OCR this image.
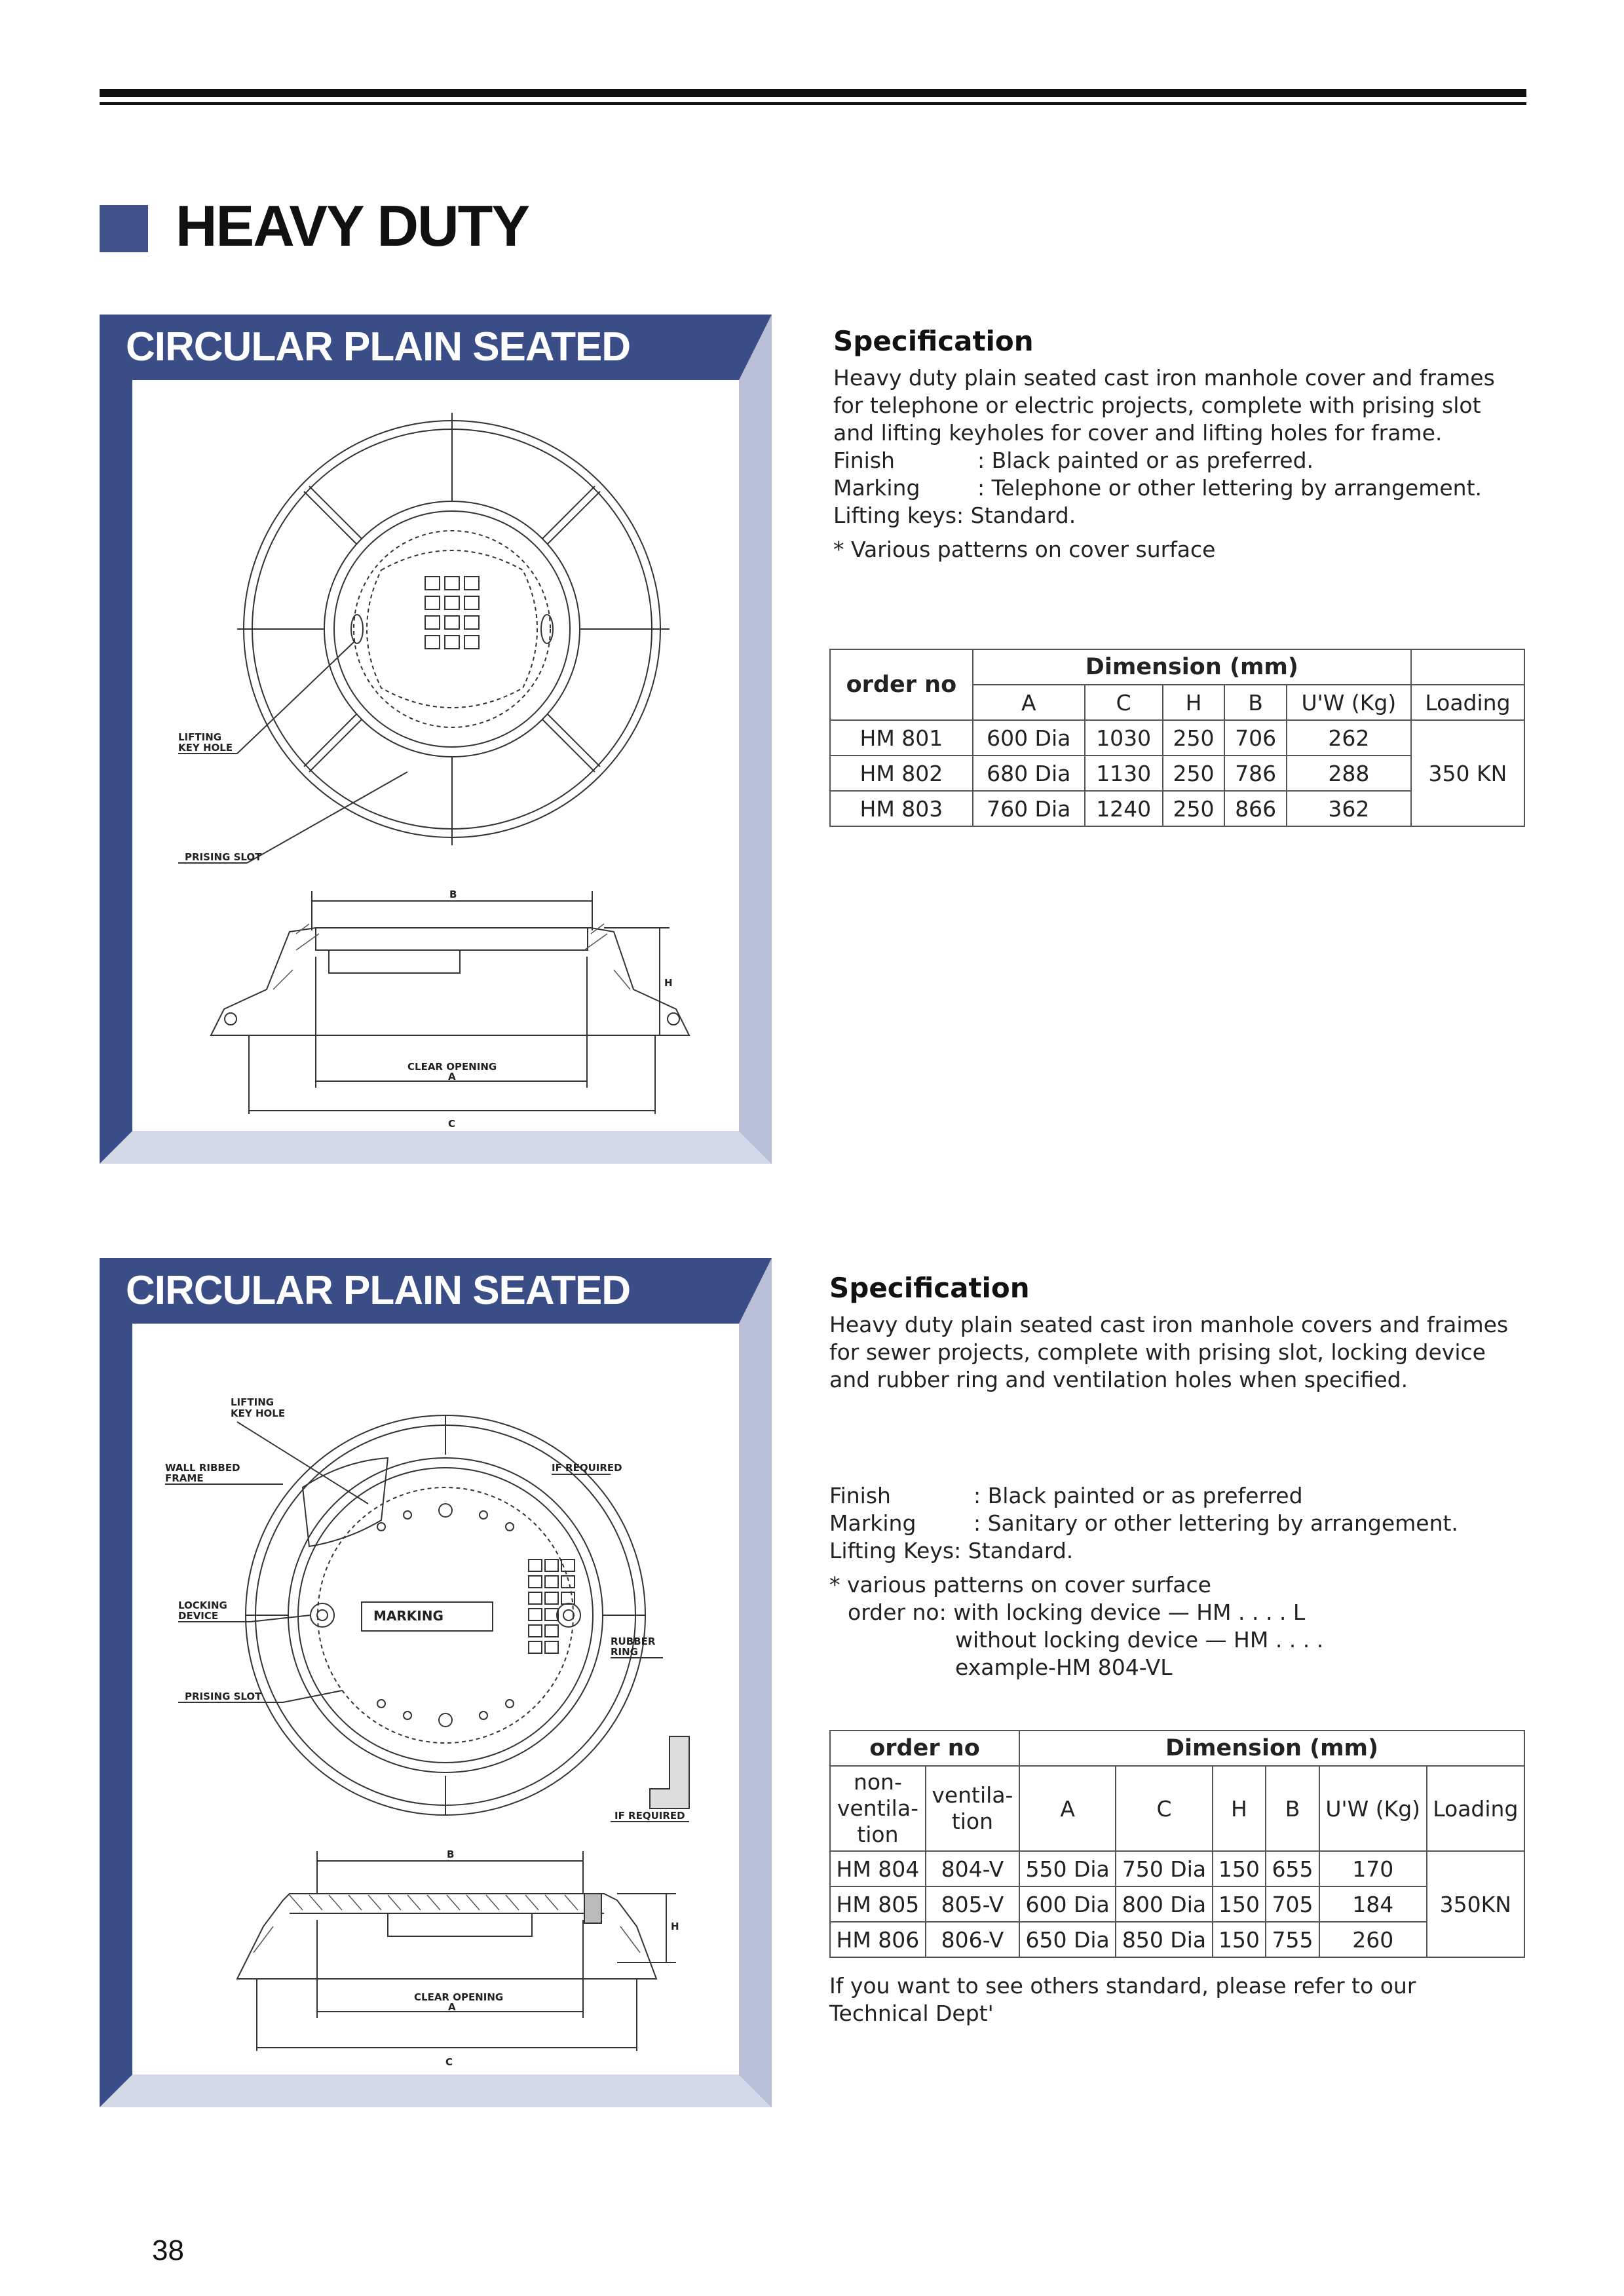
HEAVY DUTY
CIRCULAR PLAIN SEATED
LIFTING
KEY HOLE
PRISING SLOT
B
H
CLEAR OPENING
A
C
Specification

Heavy duty plain seated cast iron manhole cover and frames for telephone or electric projects, complete with prising slot and lifting keyholes for cover and lifting holes for frame.

Finish	: Black painted or as preferred.
Marking	: Telephone or other lettering by arrangement.

Lifting keys: Standard.

* Various patterns on cover surface

order no	Dimension (mm)					
	A	C	H	B	U'W (Kg)	Loading
HM 801	600 Dia	1030	250	706	262	350 KN
HM 802	680 Dia	1130	250	786	288	
HM 803	760 Dia	1240	250	866	362	
CIRCULAR PLAIN SEATED
LIFTING
KEY HOLE
WALL RIBBED
FRAME
IF REQUIRED
LOCKING
DEVICE
RUBBER
RING
PRISING SLOT
IF REQUIRED
MARKING
B
H
CLEAR OPENING
A
C
Specification

Heavy duty plain seated cast iron manhole covers and fraimes for sewer projects, complete with prising slot, locking device and rubber ring and ventilation holes when specified.

Finish	: Black painted or as preferred
Marking	: Sanitary or other lettering by arrangement.

Lifting Keys: Standard.

* various patterns on cover surface

order no: with locking device — HM . . . . L

without locking device — HM . . . .

example-HM 804-VL

order no		Dimension (mm)					
non-
ventila-
tion	ventila-
tion	A	C	H	B	U'W (Kg)	Loading
HM 804	804-V	550 Dia	750 Dia	150	655	170	350KN
HM 805	805-V	600 Dia	800 Dia	150	705	184	
HM 806	806-V	650 Dia	850 Dia	150	755	260	

If you want to see others standard, please refer to our Technical Dept'

38
